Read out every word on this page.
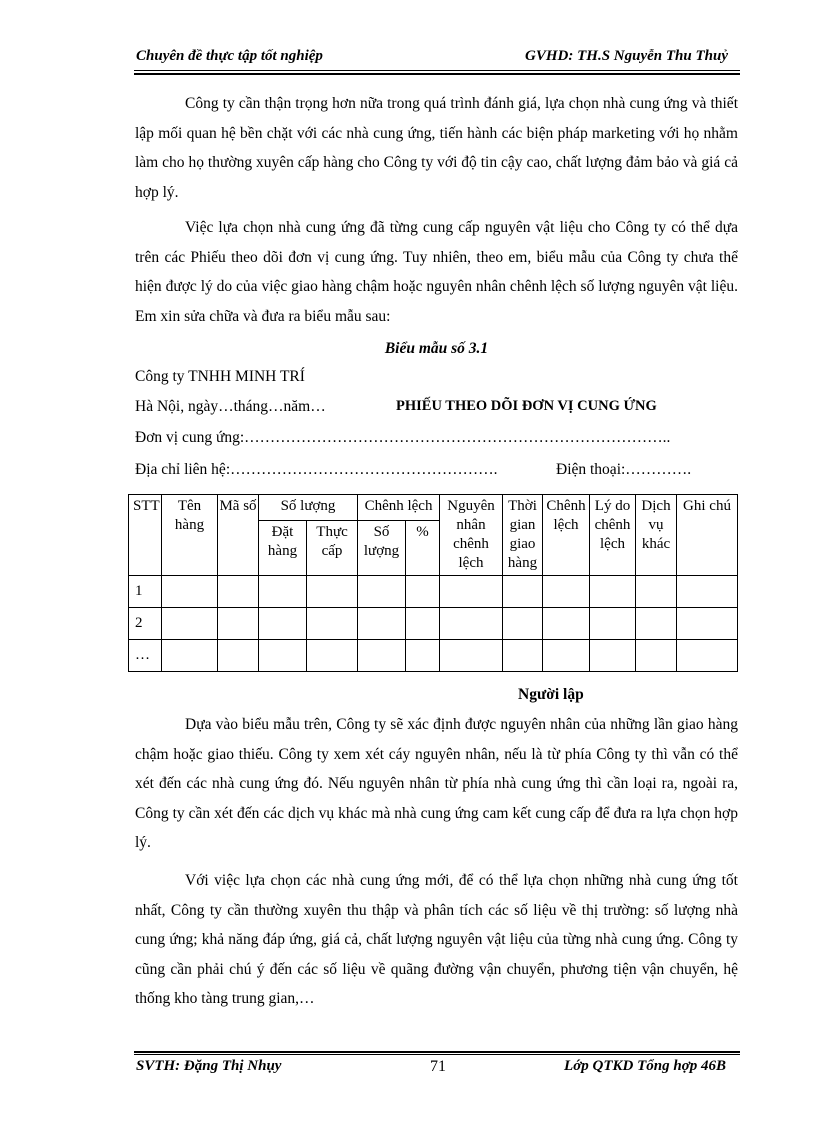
Chuyên đề thực tập tốt nghiệp	GVHD: TH.S Nguyễn Thu Thuỷ

Công ty cần thận trọng hơn nữa trong quá trình đánh giá, lựa chọn nhà cung ứng và thiết lập mối quan hệ bền chặt với các nhà cung ứng, tiến hành các biện pháp marketing với họ nhằm làm cho họ thường xuyên cấp hàng cho Công ty với độ tin cậy cao, chất lượng đảm bảo và giá cả hợp lý.

Việc lựa chọn nhà cung ứng đã từng cung cấp nguyên vật liệu cho Công ty có thể dựa trên các Phiếu theo dõi đơn vị cung ứng. Tuy nhiên, theo em, biểu mẫu của Công ty chưa thể hiện được lý do của việc giao hàng chậm hoặc nguyên nhân chênh lệch số lượng nguyên vật liệu. Em xin sửa chữa và đưa ra biểu mẫu sau:

Biểu mẫu số 3.1
Công ty TNHH MINH TRÍ
Hà Nội, ngày…tháng…năm…	PHIẾU THEO DÕI ĐƠN VỊ CUNG ỨNG
Đơn vị cung ứng:………………………………………………………………………..
Địa chỉ liên hệ:…………………………………………….	Điện thoại:………….
STT	Tên hàng	Mã số	Số lượng		Chênh lệch		Nguyên nhân chênh lệch	Thời gian giao hàng	Chênh lệch	Lý do chênh lệch	Dịch vụ khác	Ghi chú
			Đặt hàng	Thực cấp	Số lượng	%						
1												
2												
…												
Người lập

Dựa vào biểu mẫu trên, Công ty sẽ xác định được nguyên nhân của những lần giao hàng chậm hoặc giao thiếu. Công ty xem xét cáy nguyên nhân, nếu là từ phía Công ty thì vẫn có thể xét đến các nhà cung ứng đó. Nếu nguyên nhân từ phía nhà cung ứng thì cần loại ra, ngoài ra, Công ty cần xét đến các dịch vụ khác mà nhà cung ứng cam kết cung cấp để đưa ra lựa chọn hợp lý.

Với việc lựa chọn các nhà cung ứng mới, để có thể lựa chọn những nhà cung ứng tốt nhất, Công ty cần thường xuyên thu thập và phân tích các số liệu về thị trường: số lượng nhà cung ứng; khả năng đáp ứng, giá cả, chất lượng nguyên vật liệu của từng nhà cung ứng. Công ty cũng cần phải chú ý đến các số liệu về quãng đường vận chuyển, phương tiện vận chuyển, hệ thống kho tàng trung gian,…

SVTH: Đặng Thị Nhụy	71	Lớp QTKD Tổng hợp 46B
